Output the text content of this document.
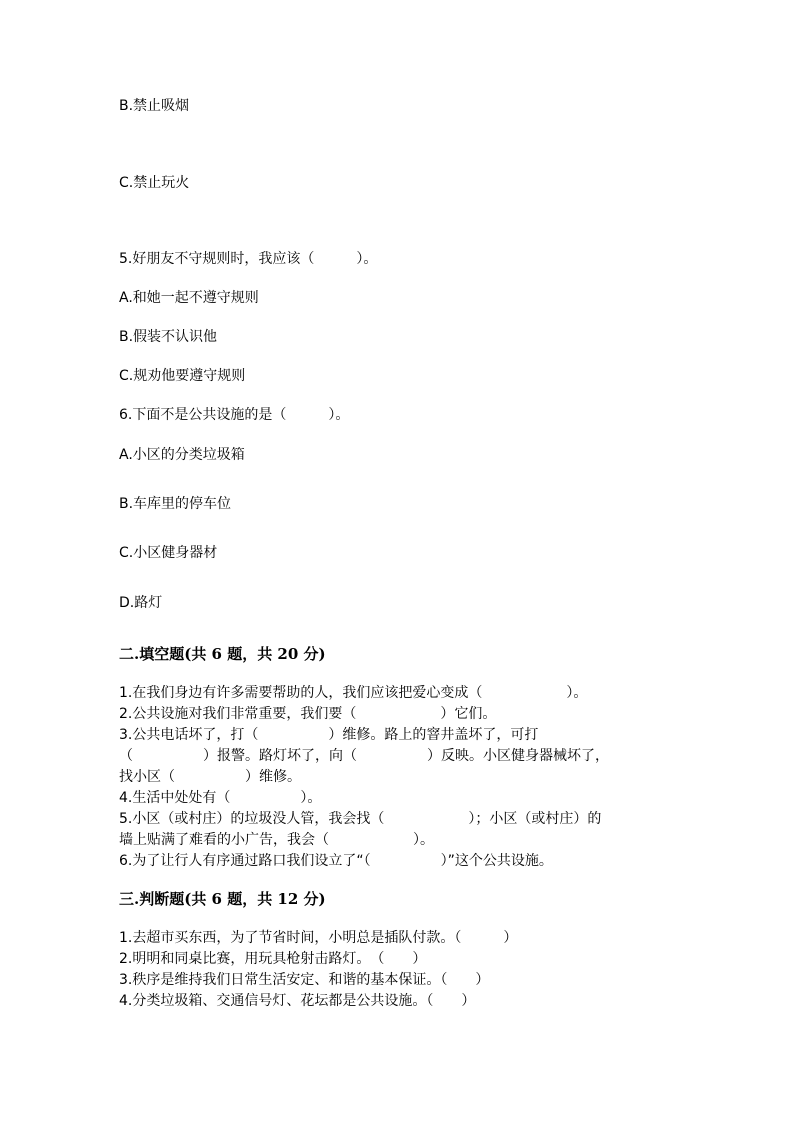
B.禁止吸烟
C.禁止玩火
5.好朋友不守规则时，我应该（　　　）。
A.和她一起不遵守规则
B.假装不认识他
C.规劝他要遵守规则
6.下面不是公共设施的是（　　　）。
A.小区的分类垃圾箱
B.车库里的停车位
C.小区健身器材
D.路灯
二.填空题(共 6 题，共 20 分)
1.在我们身边有许多需要帮助的人，我们应该把爱心变成（　　　　　　）。
2.公共设施对我们非常重要，我们要（　　　　　　）它们。
3.公共电话坏了，打（　　　　　）维修。路上的窨井盖坏了，可打
（　　　　　）报警。路灯坏了，向（　　　　　）反映。小区健身器械坏了，
找小区（　　　　　）维修。
4.生活中处处有（　　　　　）。
5.小区（或村庄）的垃圾没人管，我会找（　　　　　　）；小区（或村庄）的
墙上贴满了难看的小广告，我会（　　　　　　）。
6.为了让行人有序通过路口我们设立了“（　　　　　）”这个公共设施。
三.判断题(共 6 题，共 12 分)
1.去超市买东西，为了节省时间，小明总是插队付款。（　　　）
2.明明和同桌比赛，用玩具枪射击路灯。　（　　）
3.秩序是维持我们日常生活安定、和谐的基本保证。（　　）
4.分类垃圾箱、交通信号灯、花坛都是公共设施。（　　）
